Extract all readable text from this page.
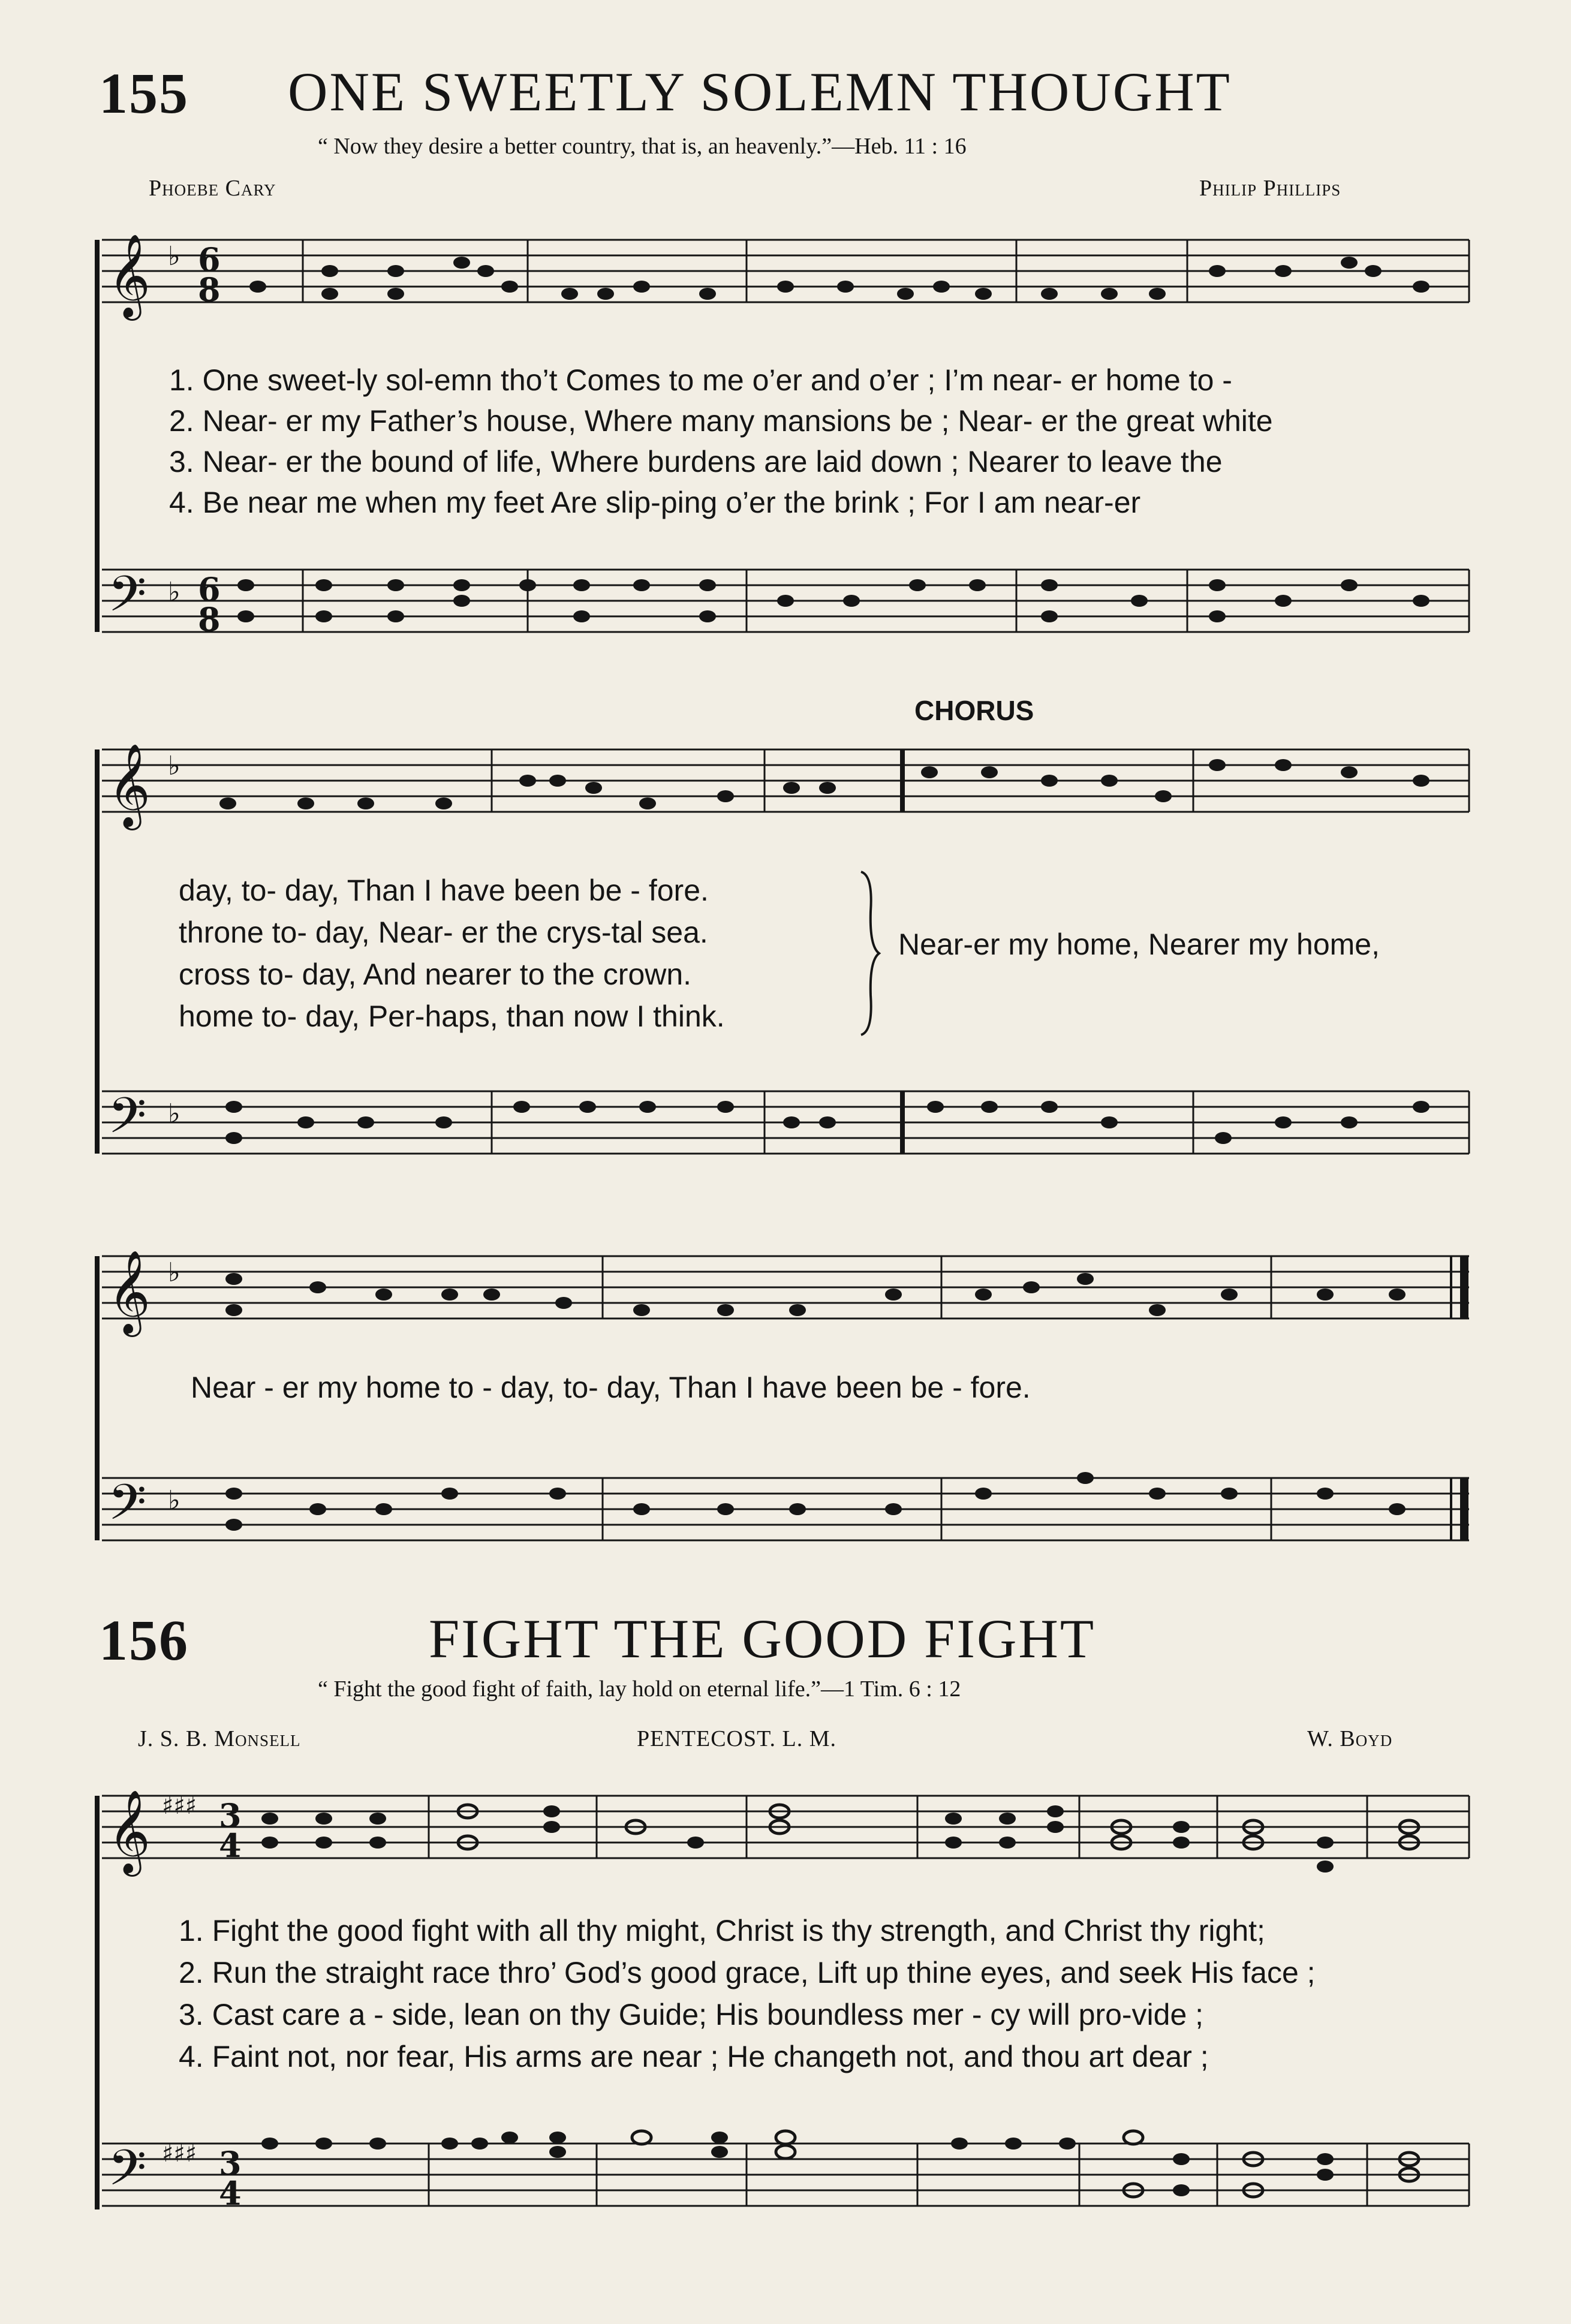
155 ONE SWEETLY SOLEMN THOUGHT
“ Now they desire a better country, that is, an heavenly.”—Heb. 11 : 16
Phoebe Cary	Philip Phillips
𝄞
𝄢
♭
♭
6
8
6
8
1. One sweet-ly sol-emn tho’t Comes to me o’er and o’er ; I’m near- er home to -
2. Near- er my Father’s house, Where many mansions be ; Near- er the great white
3. Near- er the bound of life, Where burdens are laid down ; Nearer to leave the
4. Be near me when my feet Are slip-ping o’er the brink ; For I am near-er
CHORUS
𝄞
𝄢
♭
♭
day, to- day, Than I have been be - fore.
throne to- day, Near- er the crys-tal sea.
cross to- day, And nearer to the crown.
home to- day, Per-haps, than now I think.
Near-er my home, Nearer my home,
𝄞
𝄢
♭
♭
Near - er my home to - day, to- day, Than I have been be - fore.
156	FIGHT THE GOOD FIGHT
“ Fight the good fight of faith, lay hold on eternal life.”—1 Tim. 6 : 12
J. S. B. Monsell	PENTECOST. L. M.	W. Boyd
𝄞
𝄢
♯♯♯
♯♯♯
3
4
3
4
1. Fight the good fight with all thy might, Christ is thy strength, and Christ thy right;
2. Run the straight race thro’ God’s good grace, Lift up thine eyes, and seek His face ;
3. Cast care a - side, lean on thy Guide; His boundless mer - cy will pro-vide ;
4. Faint not, nor fear, His arms are near ; He changeth not, and thou art dear ;
